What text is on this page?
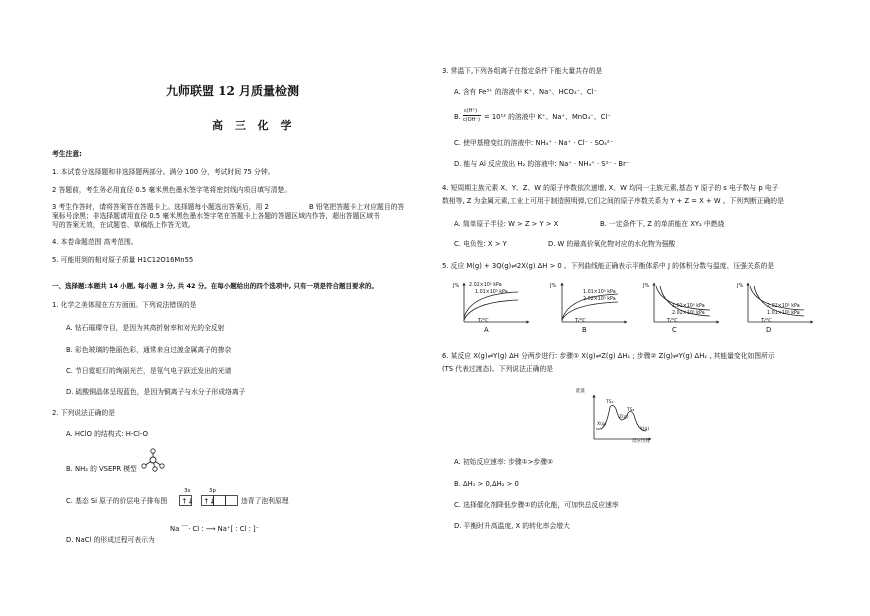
九师联盟 12 月质量检测
高 三 化 学
考生注意:
1. 本试卷分选择题和非选择题两部分。满分 100 分，考试时间 75 分钟。
2 答题前，考生务必用直径 0.5 毫米黑色墨水签字笔将密封线内项目填写清楚。
3 考生作答时，请将答案答在答题卡上。选择题每小题选出答案后，用 2	B 铅笔把答题卡上对应题目的答
案标号涂黑；非选择题请用直径 0.5 毫米黑色墨水签字笔在答题卡上各题的答题区域内作答，超出答题区域书
写的答案无效，在试题卷、草稿纸上作答无效。
4. 本卷命题范围 高考范围。
5. 可能用到的相对原子质量 H1C12O16Mn55
一、选择题:本题共 14 小题, 每小题 3 分, 共 42 分。在每小题给出的四个选项中, 只有一项是符合题目要求的。
1. 化学之美体现在方方面面。下列说法错误的是
A. 钻石璀璨夺目，是因为其高折射率和对光的全反射
B. 彩色玻璃的艳丽色彩，通常来自过渡金属离子的掺杂
C. 节日霓虹灯的绚丽光芒，是氖气电子跃迁发出的光谱
D. 硫酸铜晶体呈现蓝色，是因为铜离子与水分子形成络离子
2. 下列说法正确的是
A. HClO 的结构式: H-Cl-O
B. NH₃ 的 VSEPR 模型
C. 基态 Si 原子的价层电子排布图
3s	3p
↑↓ ↑↓	违背了泡利原理
D. NaCl 的形成过程可表示为
Na ⌒· Cl : ⟶ Na⁺[ : Cl : ]⁻
3. 常温下,下列各组离子在指定条件下能大量共存的是
A. 含有 Fe³⁺ 的溶液中 K⁺、Na⁺、HCO₃⁻、Cl⁻
B.
c(H⁺)
c(OH⁻) = 10¹² 的溶液中 K⁺、Na⁺、MnO₄⁻、Cl⁻
C. 使甲基橙变红的溶液中: NH₄⁺ · Na⁺ · Cl⁻ · SO₄²⁻
D. 能与 Al 反应放出 H₂ 的溶液中: Na⁺ · NH₄⁺ · S²⁻ · Br⁻
4. 短周期主族元素 X、Y、Z、W 的原子序数依次递增, X、W 均同一主族元素,基态 Y 原子的 s 电子数与 p 电子
数相等, Z 为金属元素,工业上可用于制造照明弹,它们之间的原子序数关系为 Y + Z = X + W 。下列判断正确的是
A. 简单原子半径: W > Z > Y > X	B. 一定条件下, Z 的单质能在 XY₂ 中燃烧
C. 电负性: X > Y	D. W 的最高价氧化物对应的水化物为强酸
5. 反应 M(g) + 3Q(g)⇌2X(g) ΔH > 0 。下列曲线能正确表示平衡体系中 J 的体积分数与温度、压强关系的是
J%	J%	J%	J%
2.02×10⁵ kPa
1.01×10⁵ kPa	1.01×10⁵ kPa
2.02×10⁵ kPa
1.01×10⁵ kPa
2.02×10⁵ kPa
2.02×10⁵ kPa
1.01×10⁵ kPa
T/°C	T/°C	T/°C	T/°C
A	B	C	D
6. 某反应 X(g)⇌Y(g) ΔH 分两步进行: 步骤① X(g)⇌Z(g) ΔH₁ ; 步骤② Z(g)⇌Y(g) ΔH₂ , 其能量变化如图所示
(TS 代表过渡态)。下列说法正确的是
能量
TS₁
TS₂
X(g)
Z(g)
Y(g)
反应历程
A. 初始反应速率: 步骤①>步骤②
B. ΔH₁ > 0,ΔH₂ > 0
C. 选择催化剂降低步骤①的活化能，可加快总反应速率
D. 平衡时升高温度, X 的转化率会增大
